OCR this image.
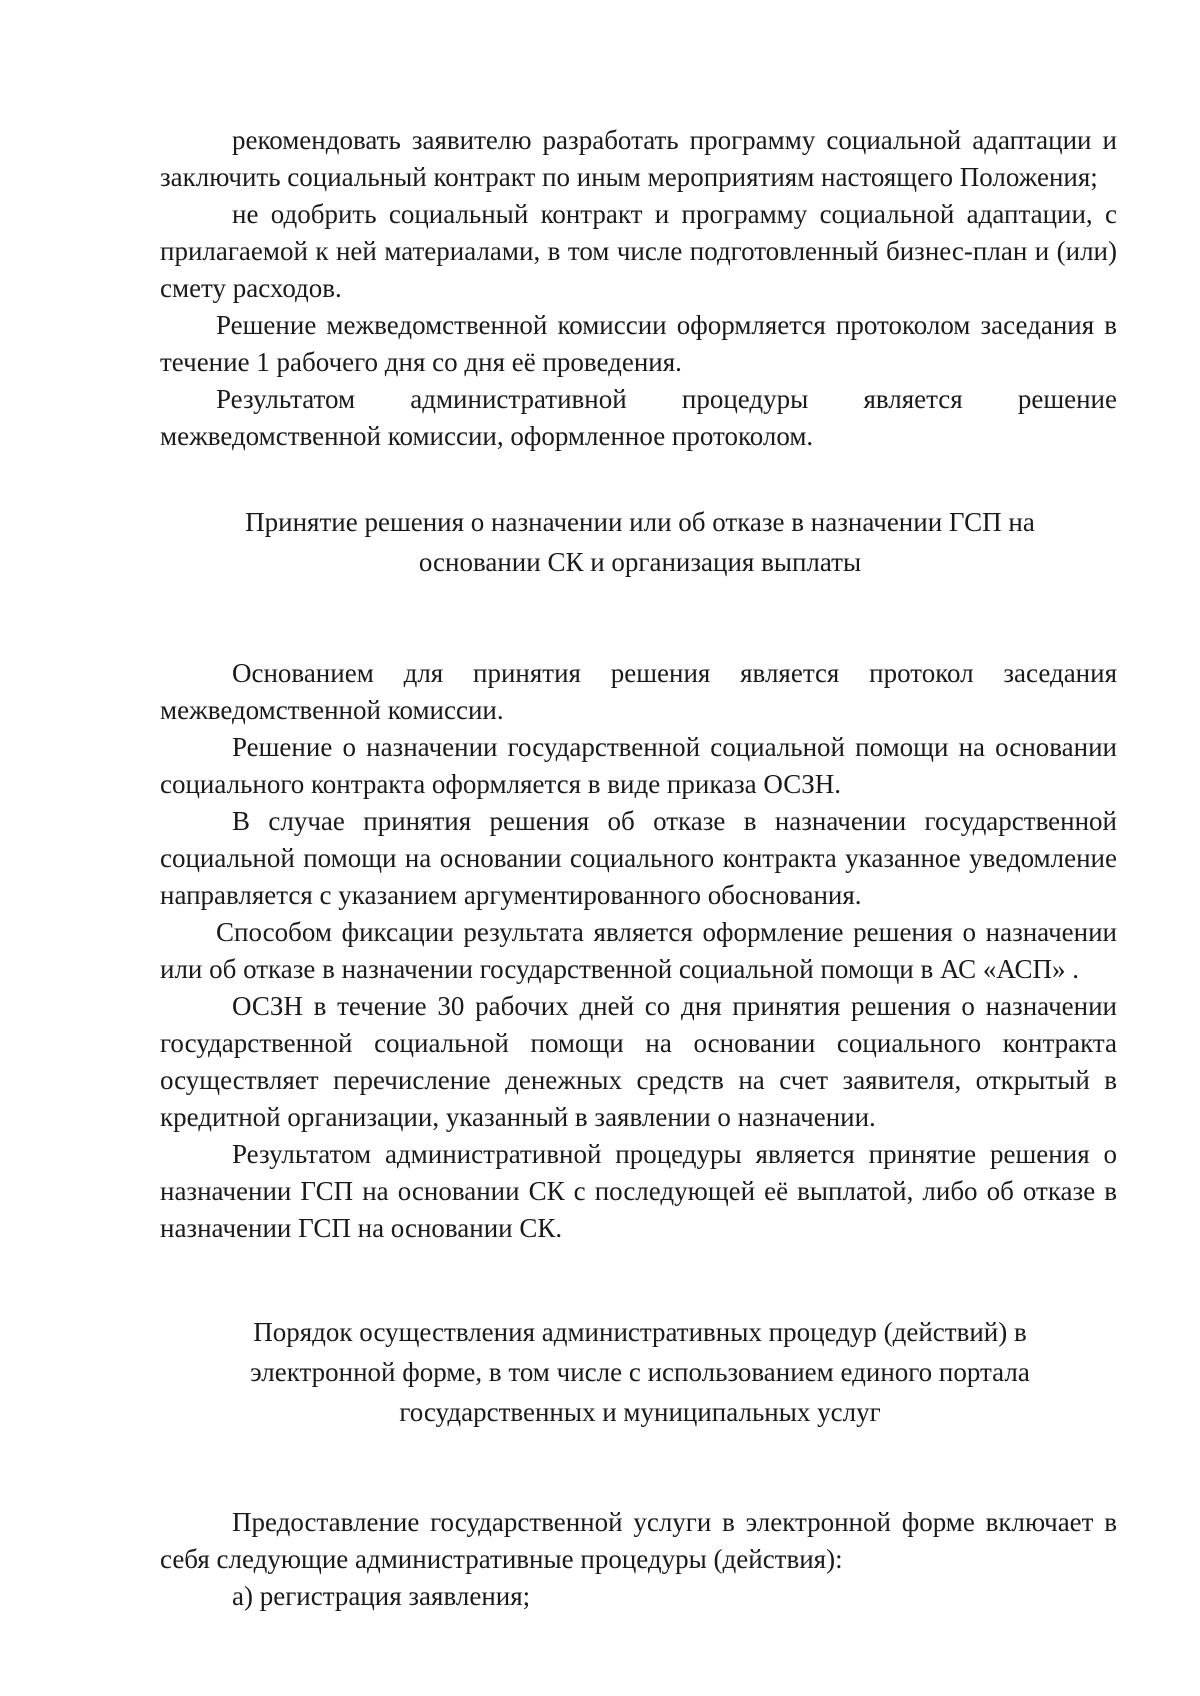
рекомендовать заявителю разработать программу социальной адаптации и заключить социальный контракт по иным мероприятиям настоящего Положения;

не одобрить социальный контракт и программу социальной адаптации, с прилагаемой к ней материалами, в том числе подготовленный бизнес-план и (или) смету расходов.

Решение межведомственной комиссии оформляется протоколом заседания в течение 1 рабочего дня со дня её проведения.

Результатом административной процедуры является решение межведомственной комиссии, оформленное протоколом.

Принятие решения о назначении или об отказе в назначении ГСП на

основании СК и организация выплаты

Основанием для принятия решения является протокол заседания межведомственной комиссии.

Решение о назначении государственной социальной помощи на основании социального контракта оформляется в виде приказа ОСЗН.

В случае принятия решения об отказе в назначении государственной социальной помощи на основании социального контракта указанное уведомление направляется с указанием аргументированного обоснования.

Способом фиксации результата является оформление решения о назначении или об отказе в назначении государственной социальной помощи в АС «АСП» .

ОСЗН в течение 30 рабочих дней со дня принятия решения о назначении государственной социальной помощи на основании социального контракта осуществляет перечисление денежных средств на счет заявителя, открытый в кредитной организации, указанный в заявлении о назначении.

Результатом административной процедуры является принятие решения о назначении ГСП на основании СК с последующей её выплатой, либо об отказе в назначении ГСП на основании СК.

Порядок осуществления административных процедур (действий) в

электронной форме, в том числе с использованием единого портала

государственных и муниципальных услуг

Предоставление государственной услуги в электронной форме включает в себя следующие административные процедуры (действия):

а) регистрация заявления;
